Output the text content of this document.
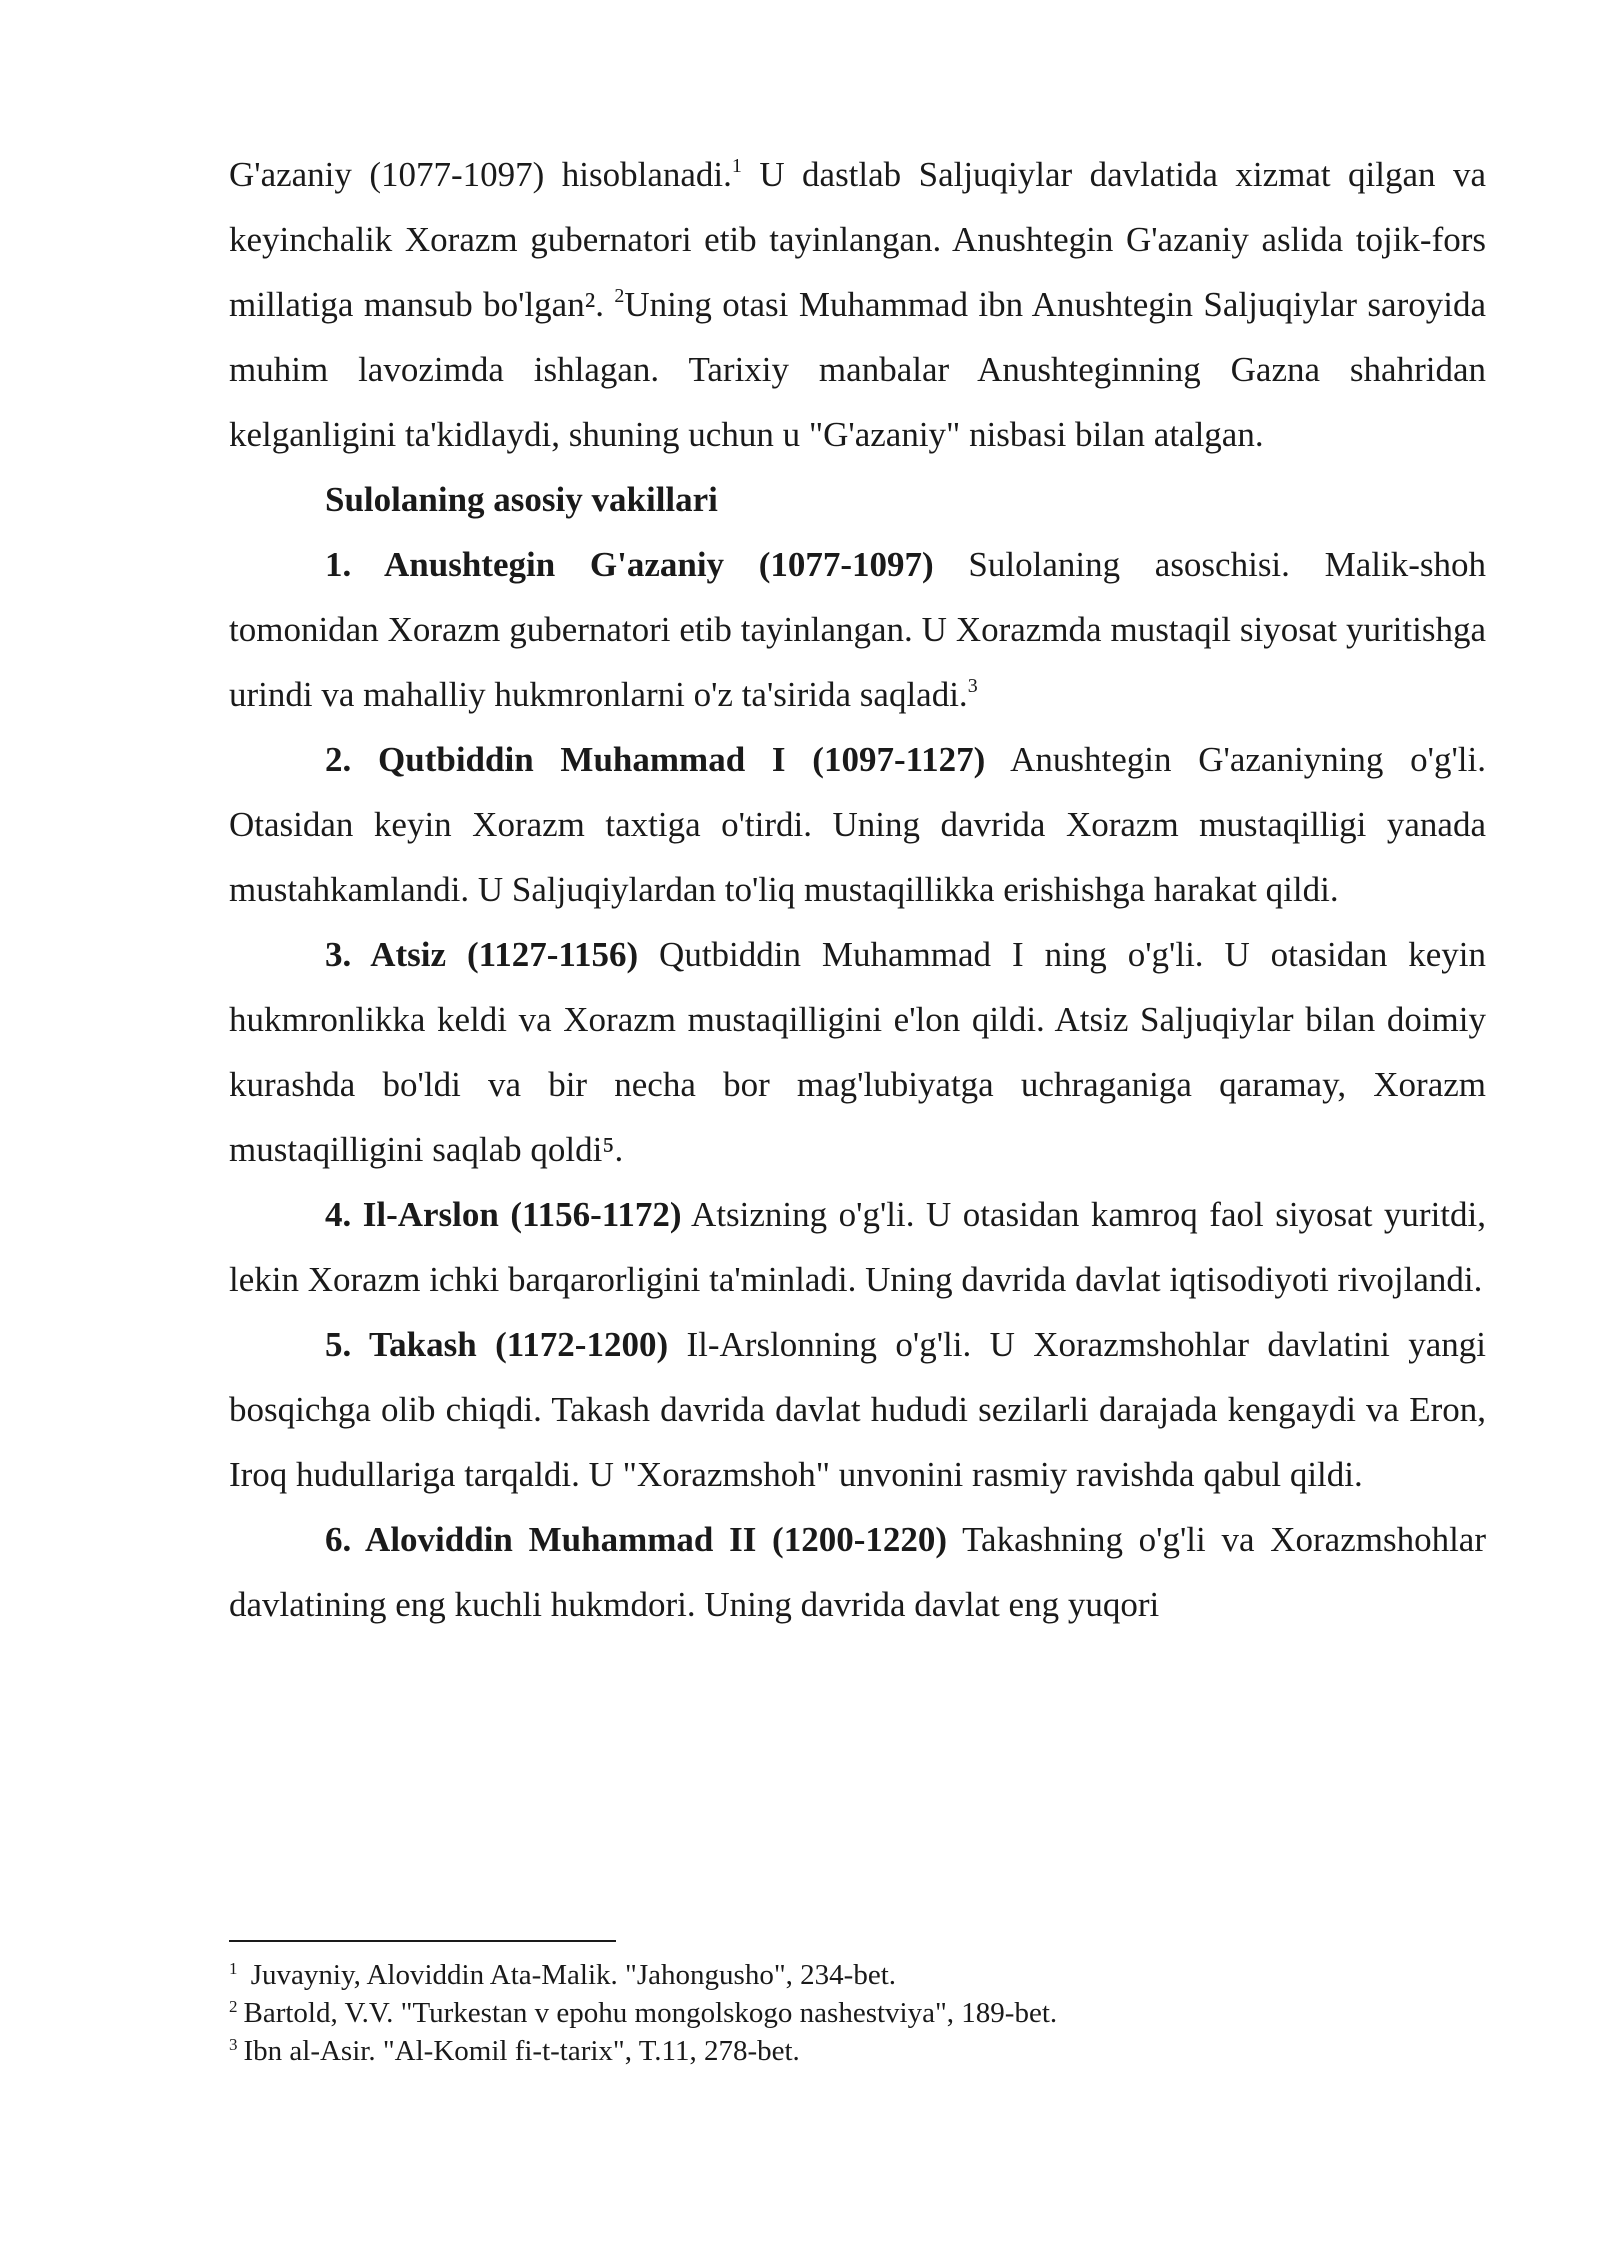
G'azaniy (1077-1097) hisoblanadi.$^1$ U dastlab Saljuqiylar davlatida xizmat qilgan va keyinchalik Xorazm gubernatori etib tayinlangan. Anushtegin G'azaniy aslida tojik-fors millatiga mansub bo'lgan². $^2$Uning otasi Muhammad ibn Anushtegin Saljuqiylar saroyida muhim lavozimda ishlagan. Tarixiy manbalar Anushteginning Gazna shahridan kelganligini ta'kidlaydi, shuning uchun u "G'azaniy" nisbasi bilan atalgan.

Sulolaning asosiy vakillari

1. Anushtegin G'azaniy (1077-1097) Sulolaning asoschisi. Malik-shoh tomonidan Xorazm gubernatori etib tayinlangan. U Xorazmda mustaqil siyosat yuritishga urindi va mahalliy hukmronlarni o'z ta'sirida saqladi.$^3$

2. Qutbiddin Muhammad I (1097-1127) Anushtegin G'azaniyning o'g'li. Otasidan keyin Xorazm taxtiga o'tirdi. Uning davrida Xorazm mustaqilligi yanada mustahkamlandi. U Saljuqiylardan to'liq mustaqillikka erishishga harakat qildi.

3. Atsiz (1127-1156) Qutbiddin Muhammad I ning o'g'li. U otasidan keyin hukmronlikka keldi va Xorazm mustaqilligini e'lon qildi. Atsiz Saljuqiylar bilan doimiy kurashda bo'ldi va bir necha bor mag'lubiyatga uchraganiga qaramay, Xorazm mustaqilligini saqlab qoldi⁵.

4. Il-Arslon (1156-1172) Atsizning o'g'li. U otasidan kamroq faol siyosat yuritdi, lekin Xorazm ichki barqarorligini ta'minladi. Uning davrida davlat iqtisodiyoti rivojlandi.

5. Takash (1172-1200) Il-Arslonning o'g'li. U Xorazmshohlar davlatini yangi bosqichga olib chiqdi. Takash davrida davlat hududi sezilarli darajada kengaydi va Eron, Iroq hudullariga tarqaldi. U "Xorazmshoh" unvonini rasmiy ravishda qabul qildi.

6. Aloviddin Muhammad II (1200-1220) Takashning o'g'li va Xorazmshohlar davlatining eng kuchli hukmdori. Uning davrida davlat eng yuqori

$^1$ Juvayniy, Aloviddin Ata-Malik. "Jahongusho", 234-bet.

$^2$ Bartold, V.V. "Turkestan v epohu mongolskogo nashestviya", 189-bet.

$^3$ Ibn al-Asir. "Al-Komil fi-t-tarix", T.11, 278-bet.
